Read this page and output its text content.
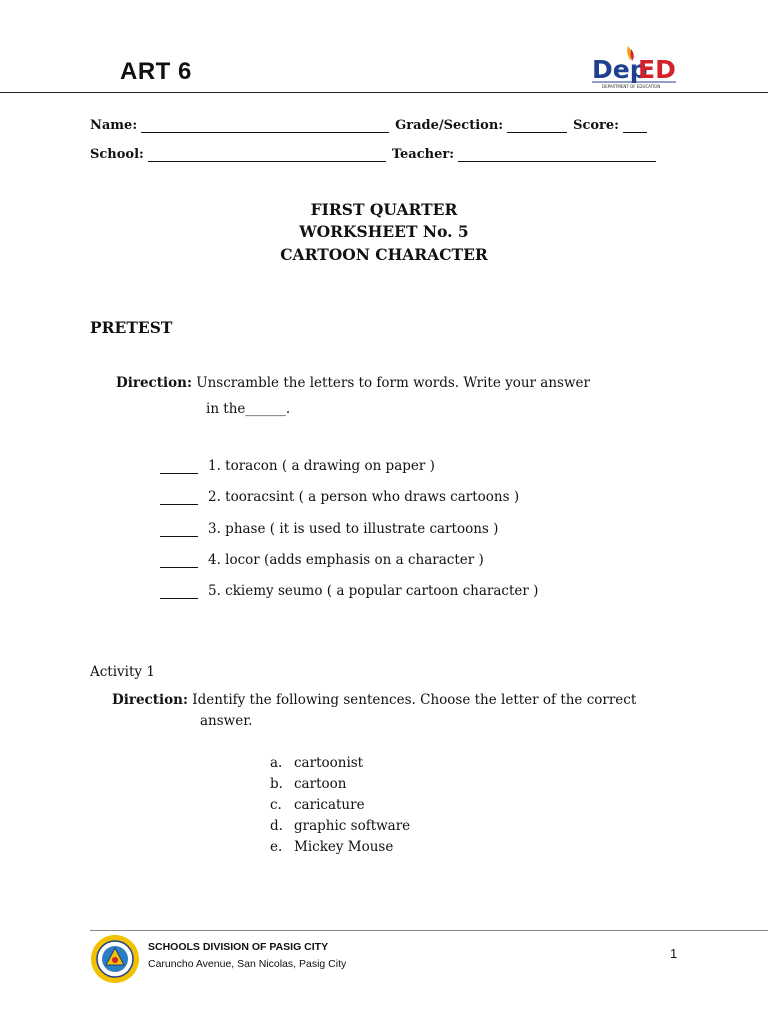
ART 6	Dep
ED
DEPARTMENT OF EDUCATION
Name:	Grade/Section:	Score:
School:	Teacher:
FIRST QUARTER
WORKSHEET No. 5
CARTOON CHARACTER
PRETEST
Direction: Unscramble the letters to form words. Write your answer
in the______.
1. toracon ( a drawing on paper )
2. tooracsint ( a person who draws cartoons )
3. phase ( it is used to illustrate cartoons )
4. locor (adds emphasis on a character )
5. ckiemy seumo ( a popular cartoon character )
Activity 1
Direction: Identify the following sentences. Choose the letter of the correct
answer.
a. cartoonist
b. cartoon
c. caricature
d. graphic software
e. Mickey Mouse
SCHOOLS DIVISION OF PASIG CITY
Caruncho Avenue, San Nicolas, Pasig City
1
